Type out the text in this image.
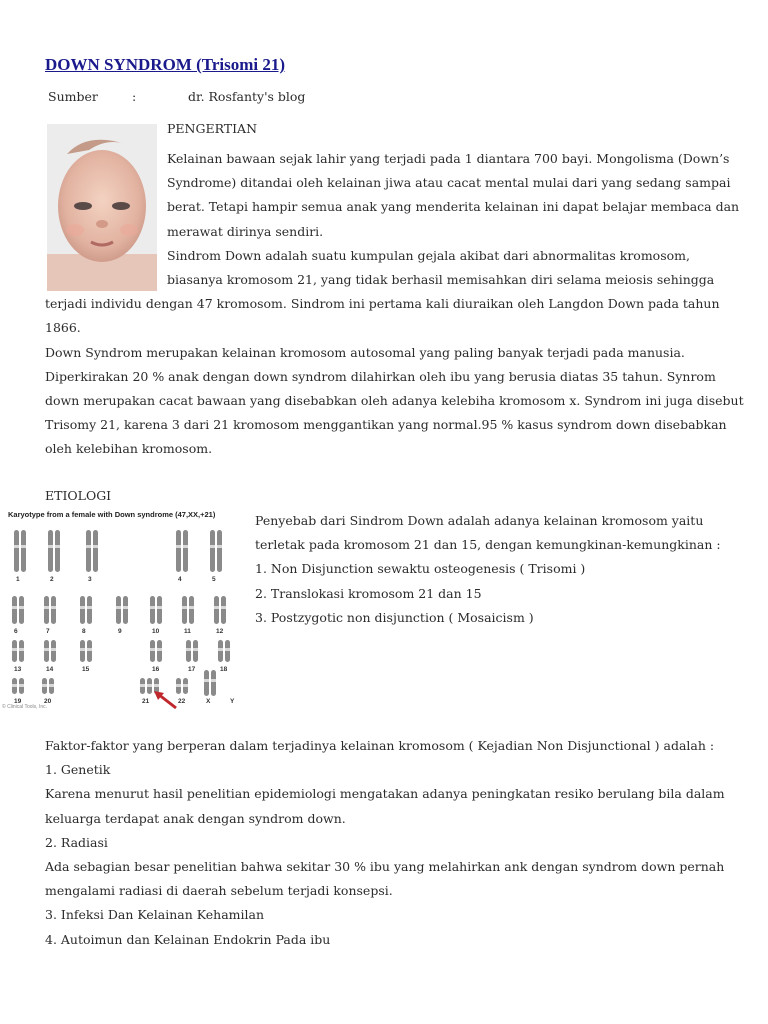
DOWN SYNDROM (Trisomi 21)
Sumber	:	dr. Rosfanty's blog
PENGERTIAN
Kelainan bawaan sejak lahir yang terjadi pada 1 diantara 700 bayi. Mongolisma (Down’s
Syndrome) ditandai oleh kelainan jiwa atau cacat mental mulai dari yang sedang sampai
berat. Tetapi hampir semua anak yang menderita kelainan ini dapat belajar membaca dan
merawat dirinya sendiri.
Sindrom Down adalah suatu kumpulan gejala akibat dari abnormalitas kromosom,
biasanya kromosom 21, yang tidak berhasil memisahkan diri selama meiosis sehingga
terjadi individu dengan 47 kromosom. Sindrom ini pertama kali diuraikan oleh Langdon Down pada tahun
1866.
Down Syndrom merupakan kelainan kromosom autosomal yang paling banyak terjadi pada manusia.
Diperkirakan 20 % anak dengan down syndrom dilahirkan oleh ibu yang berusia diatas 35 tahun. Synrom
down merupakan cacat bawaan yang disebabkan oleh adanya kelebiha kromosom x. Syndrom ini juga disebut
Trisomy 21, karena 3 dari 21 kromosom menggantikan yang normal.95 % kasus syndrom down disebabkan
oleh kelebihan kromosom.
ETIOLOGI
Karyotype from a female with Down syndrome (47,XX,+21)
1	2	3	4	5
6	7	8	9	10	11	12
13	14	15	16	17	18
19	20	21	22	X	Y
© Clinical Tools, Inc.
Penyebab dari Sindrom Down adalah adanya kelainan kromosom yaitu
terletak pada kromosom 21 dan 15, dengan kemungkinan-kemungkinan :
1. Non Disjunction sewaktu osteogenesis ( Trisomi )
2. Translokasi kromosom 21 dan 15
3. Postzygotic non disjunction ( Mosaicism )
Faktor-faktor yang berperan dalam terjadinya kelainan kromosom ( Kejadian Non Disjunctional ) adalah :
1. Genetik
Karena menurut hasil penelitian epidemiologi mengatakan adanya peningkatan resiko berulang bila dalam
keluarga terdapat anak dengan syndrom down.
2. Radiasi
Ada sebagian besar penelitian bahwa sekitar 30 % ibu yang melahirkan ank dengan syndrom down pernah
mengalami radiasi di daerah sebelum terjadi konsepsi.
3. Infeksi Dan Kelainan Kehamilan
4. Autoimun dan Kelainan Endokrin Pada ibu
